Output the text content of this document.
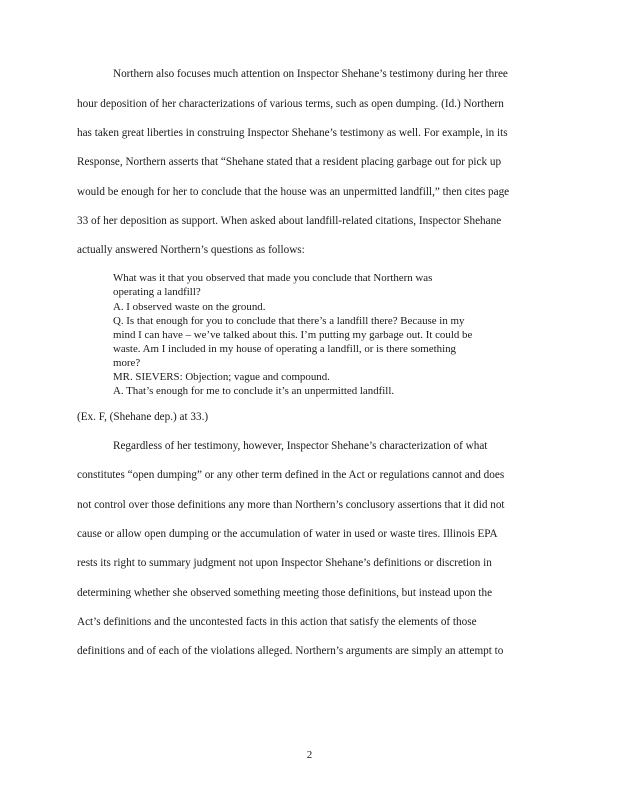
Northern also focuses much attention on Inspector Shehane’s testimony during her three
hour deposition of her characterizations of various terms, such as open dumping. (Id.) Northern
has taken great liberties in construing Inspector Shehane’s testimony as well. For example, in its
Response, Northern asserts that “Shehane stated that a resident placing garbage out for pick up
would be enough for her to conclude that the house was an unpermitted landfill,” then cites page
33 of her deposition as support. When asked about landfill-related citations, Inspector Shehane
actually answered Northern’s questions as follows:
What was it that you observed that made you conclude that Northern was
operating a landfill?
A. I observed waste on the ground.
Q. Is that enough for you to conclude that there’s a landfill there? Because in my
mind I can have – we’ve talked about this. I’m putting my garbage out. It could be
waste. Am I included in my house of operating a landfill, or is there something
more?
MR. SIEVERS: Objection; vague and compound.
A. That’s enough for me to conclude it’s an unpermitted landfill.
(Ex. F, (Shehane dep.) at 33.)
Regardless of her testimony, however, Inspector Shehane’s characterization of what
constitutes “open dumping” or any other term defined in the Act or regulations cannot and does
not control over those definitions any more than Northern’s conclusory assertions that it did not
cause or allow open dumping or the accumulation of water in used or waste tires. Illinois EPA
rests its right to summary judgment not upon Inspector Shehane’s definitions or discretion in
determining whether she observed something meeting those definitions, but instead upon the
Act’s definitions and the uncontested facts in this action that satisfy the elements of those
definitions and of each of the violations alleged. Northern’s arguments are simply an attempt to
2
